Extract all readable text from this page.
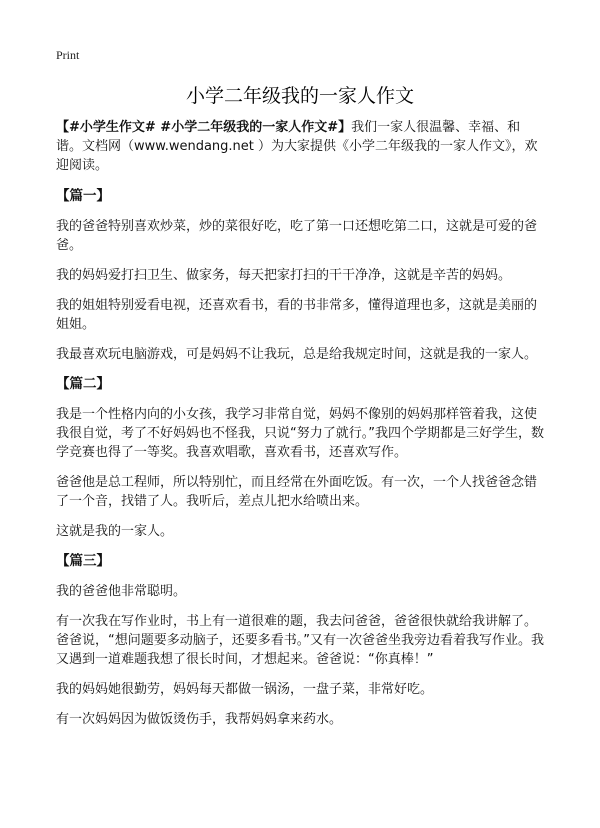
Print

小学二年级我的一家人作文

【#小学生作文# #小学二年级我的一家人作文#】我们一家人很温馨、幸福、和谐。文档网（www.wendang.net ）为大家提供《小学二年级我的一家人作文》，欢迎阅读。

【篇一】

我的爸爸特别喜欢炒菜，炒的菜很好吃，吃了第一口还想吃第二口，这就是可爱的爸爸。

我的妈妈爱打扫卫生、做家务，每天把家打扫的干干净净，这就是辛苦的妈妈。

我的姐姐特别爱看电视，还喜欢看书，看的书非常多，懂得道理也多，这就是美丽的姐姐。

我最喜欢玩电脑游戏，可是妈妈不让我玩，总是给我规定时间，这就是我的一家人。

【篇二】

我是一个性格内向的小女孩，我学习非常自觉，妈妈不像别的妈妈那样管着我，这使我很自觉，考了不好妈妈也不怪我，只说“努力了就行。”我四个学期都是三好学生，数学竞赛也得了一等奖。我喜欢唱歌，喜欢看书，还喜欢写作。

爸爸他是总工程师，所以特别忙，而且经常在外面吃饭。有一次，一个人找爸爸念错了一个音，找错了人。我听后，差点儿把水给喷出来。

这就是我的一家人。

【篇三】

我的爸爸他非常聪明。

有一次我在写作业时，书上有一道很难的题，我去问爸爸，爸爸很快就给我讲解了。爸爸说，“想问题要多动脑子，还要多看书。”又有一次爸爸坐我旁边看着我写作业。我又遇到一道难题我想了很长时间，才想起来。爸爸说：“你真棒！”

我的妈妈她很勤劳，妈妈每天都做一锅汤，一盘子菜，非常好吃。

有一次妈妈因为做饭烫伤手，我帮妈妈拿来药水。
